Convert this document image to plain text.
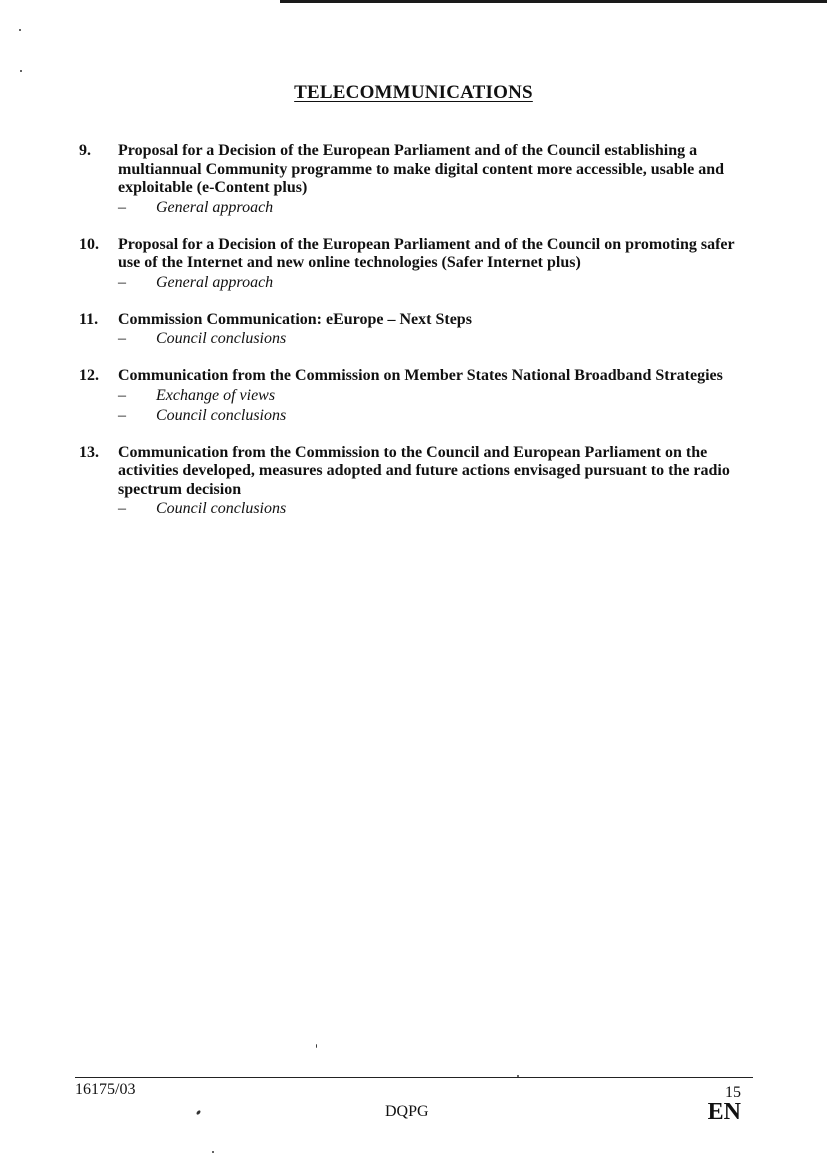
TELECOMMUNICATIONS
9. Proposal for a Decision of the European Parliament and of the Council establishing a multiannual Community programme to make digital content more accessible, usable and exploitable (e-Content plus)
– General approach
10. Proposal for a Decision of the European Parliament and of the Council on promoting safer use of the Internet and new online technologies (Safer Internet plus)
– General approach
11. Commission Communication: eEurope – Next Steps
– Council conclusions
12. Communication from the Commission on Member States National Broadband Strategies
– Exchange of views
– Council conclusions
13. Communication from the Commission to the Council and European Parliament on the activities developed, measures adopted and future actions envisaged pursuant to the radio spectrum decision
– Council conclusions
16175/03	15
DQPG	EN
